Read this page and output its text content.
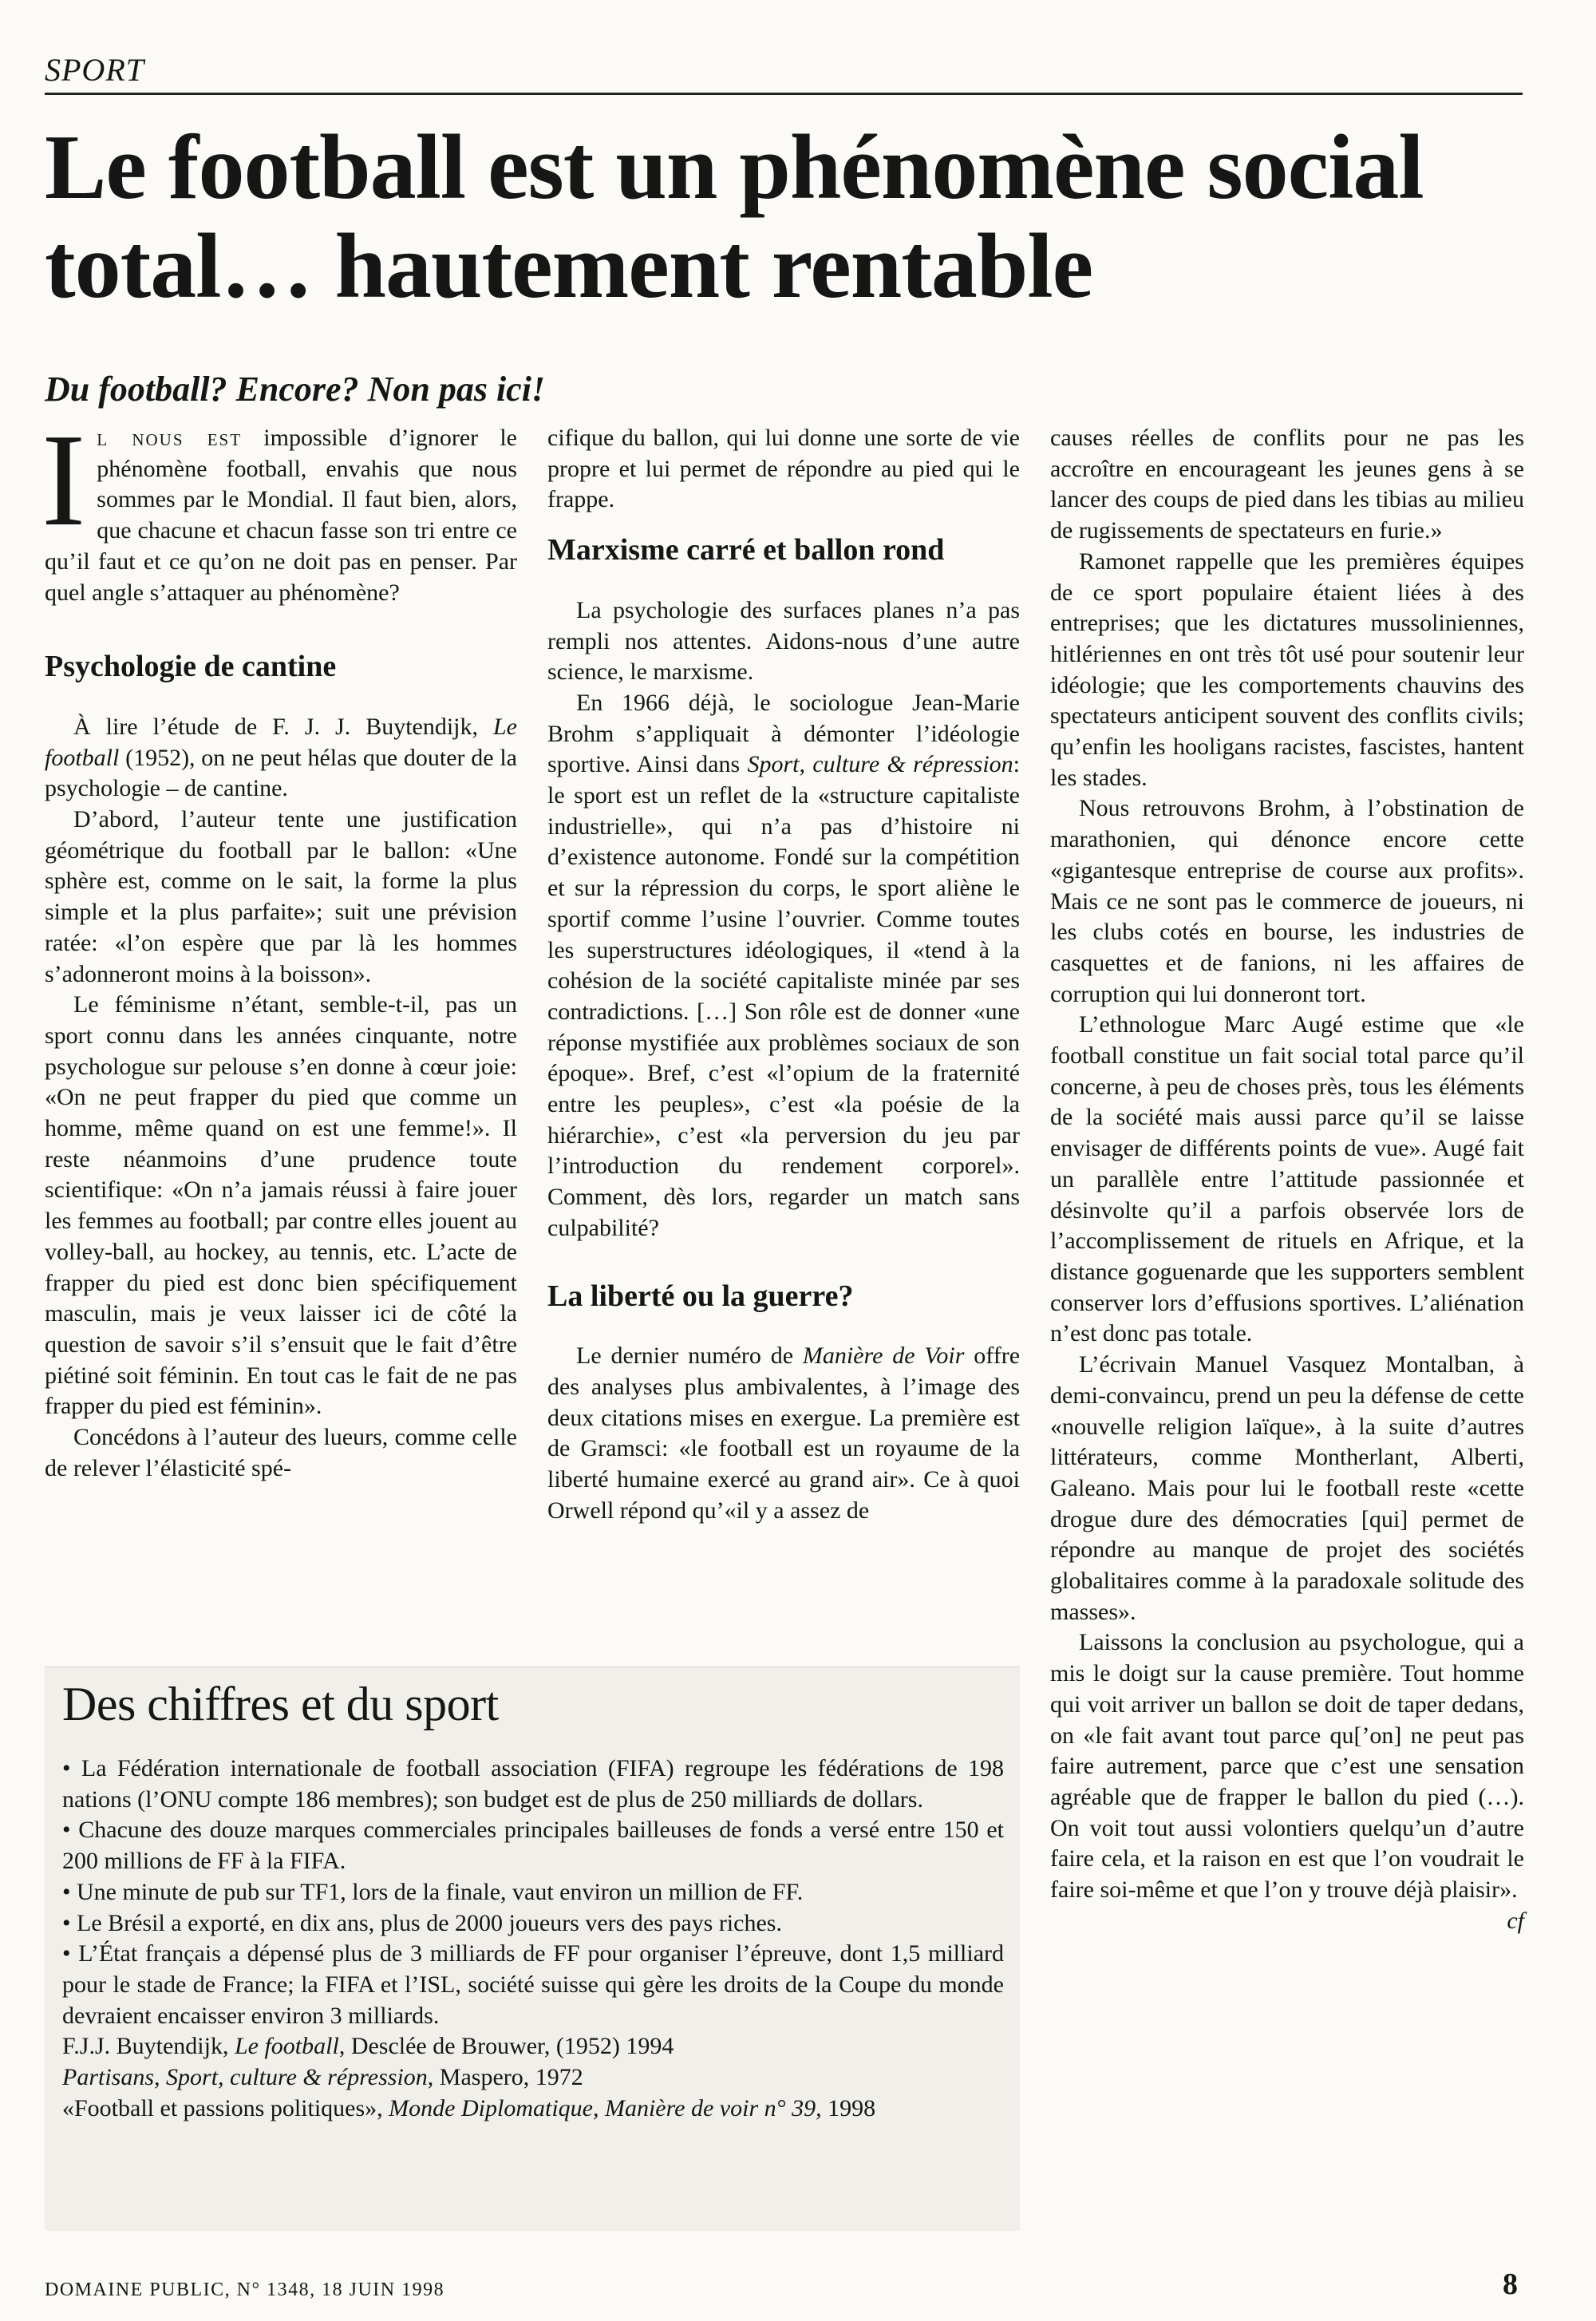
SPORT
Le football est un phénomène social total… hautement rentable
Du football? Encore? Non pas ici!

Il nous est impossible d’ignorer le phénomène football, envahis que nous sommes par le Mondial. Il faut bien, alors, que chacune et chacun fasse son tri entre ce qu’il faut et ce qu’on ne doit pas en penser. Par quel angle s’attaquer au phénomène?

Psychologie de cantine

À lire l’étude de F. J. J. Buytendijk, Le football (1952), on ne peut hélas que douter de la psychologie – de cantine.

D’abord, l’auteur tente une justification géométrique du football par le ballon: «Une sphère est, comme on le sait, la forme la plus simple et la plus parfaite»; suit une prévision ratée: «l’on espère que par là les hommes s’adonneront moins à la boisson».

Le féminisme n’étant, semble-t-il, pas un sport connu dans les années cinquante, notre psychologue sur pelouse s’en donne à cœur joie: «On ne peut frapper du pied que comme un homme, même quand on est une femme!». Il reste néanmoins d’une prudence toute scientifique: «On n’a jamais réussi à faire jouer les femmes au football; par contre elles jouent au volley-ball, au hockey, au tennis, etc. L’acte de frapper du pied est donc bien spécifiquement masculin, mais je veux laisser ici de côté la question de savoir s’il s’ensuit que le fait d’être piétiné soit féminin. En tout cas le fait de ne pas frapper du pied est féminin».

Concédons à l’auteur des lueurs, comme celle de relever l’élasticité spé-

cifique du ballon, qui lui donne une sorte de vie propre et lui permet de répondre au pied qui le frappe.

Marxisme carré et ballon rond

La psychologie des surfaces planes n’a pas rempli nos attentes. Aidons-nous d’une autre science, le marxisme.

En 1966 déjà, le sociologue Jean-Marie Brohm s’appliquait à démonter l’idéologie sportive. Ainsi dans Sport, culture & répression: le sport est un reflet de la «structure capitaliste industrielle», qui n’a pas d’histoire ni d’existence autonome. Fondé sur la compétition et sur la répression du corps, le sport aliène le sportif comme l’usine l’ouvrier. Comme toutes les superstructures idéologiques, il «tend à la cohésion de la société capitaliste minée par ses contradictions. […] Son rôle est de donner «une réponse mystifiée aux problèmes sociaux de son époque». Bref, c’est «l’opium de la fraternité entre les peuples», c’est «la poésie de la hiérarchie», c’est «la perversion du jeu par l’introduction du rendement corporel». Comment, dès lors, regarder un match sans culpabilité?

La liberté ou la guerre?

Le dernier numéro de Manière de Voir offre des analyses plus ambivalentes, à l’image des deux citations mises en exergue. La première est de Gramsci: «le football est un royaume de la liberté humaine exercé au grand air». Ce à quoi Orwell répond qu’«il y a assez de

causes réelles de conflits pour ne pas les accroître en encourageant les jeunes gens à se lancer des coups de pied dans les tibias au milieu de rugissements de spectateurs en furie.»

Ramonet rappelle que les premières équipes de ce sport populaire étaient liées à des entreprises; que les dictatures mussoliniennes, hitlériennes en ont très tôt usé pour soutenir leur idéologie; que les comportements chauvins des spectateurs anticipent souvent des conflits civils; qu’enfin les hooligans racistes, fascistes, hantent les stades.

Nous retrouvons Brohm, à l’obstination de marathonien, qui dénonce encore cette «gigantesque entreprise de course aux profits». Mais ce ne sont pas le commerce de joueurs, ni les clubs cotés en bourse, les industries de casquettes et de fanions, ni les affaires de corruption qui lui donneront tort.

L’ethnologue Marc Augé estime que «le football constitue un fait social total parce qu’il concerne, à peu de choses près, tous les éléments de la société mais aussi parce qu’il se laisse envisager de différents points de vue». Augé fait un parallèle entre l’attitude passionnée et désinvolte qu’il a parfois observée lors de l’accomplissement de rituels en Afrique, et la distance goguenarde que les supporters semblent conserver lors d’effusions sportives. L’aliénation n’est donc pas totale.

L’écrivain Manuel Vasquez Montalban, à demi-convaincu, prend un peu la défense de cette «nouvelle religion laïque», à la suite d’autres littérateurs, comme Montherlant, Alberti, Galeano. Mais pour lui le football reste «cette drogue dure des démocraties [qui] permet de répondre au manque de projet des sociétés globalitaires comme à la paradoxale solitude des masses».

Laissons la conclusion au psychologue, qui a mis le doigt sur la cause première. Tout homme qui voit arriver un ballon se doit de taper dedans, on «le fait avant tout parce qu[’on] ne peut pas faire autrement, parce que c’est une sensation agréable que de frapper le ballon du pied (…). On voit tout aussi volontiers quelqu’un d’autre faire cela, et la raison en est que l’on voudrait le faire soi-même et que l’on y trouve déjà plaisir».
cf

Des chiffres et du sport

• La Fédération internationale de football association (FIFA) regroupe les fédérations de 198 nations (l’ONU compte 186 membres); son budget est de plus de 250 milliards de dollars.

• Chacune des douze marques commerciales principales bailleuses de fonds a versé entre 150 et 200 millions de FF à la FIFA.

• Une minute de pub sur TF1, lors de la finale, vaut environ un million de FF.

• Le Brésil a exporté, en dix ans, plus de 2000 joueurs vers des pays riches.

• L’État français a dépensé plus de 3 milliards de FF pour organiser l’épreuve, dont 1,5 milliard pour le stade de France; la FIFA et l’ISL, société suisse qui gère les droits de la Coupe du monde devraient encaisser environ 3 milliards.

F.J.J. Buytendijk, Le football, Desclée de Brouwer, (1952) 1994

Partisans, Sport, culture & répression, Maspero, 1972

«Football et passions politiques», Monde Diplomatique, Manière de voir n° 39, 1998

DOMAINE PUBLIC, N° 1348, 18 JUIN 1998	8
